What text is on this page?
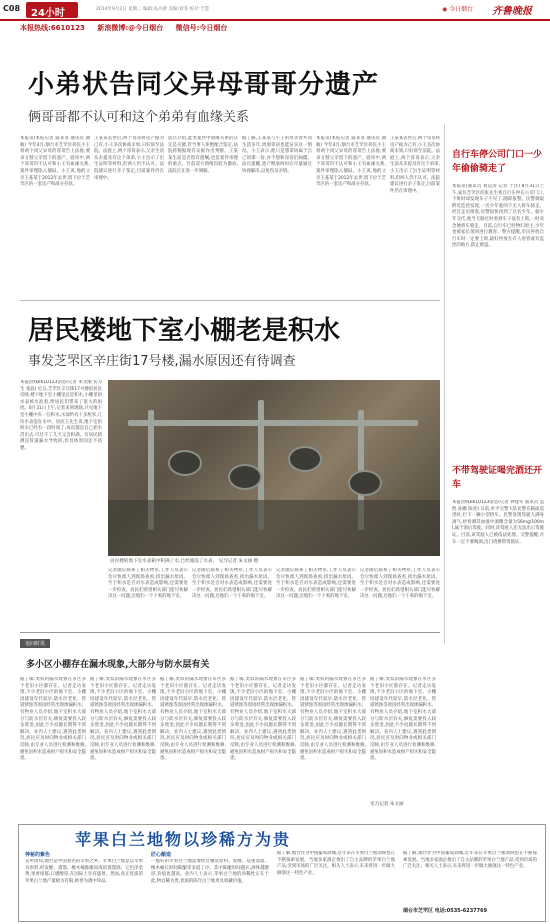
C08 24小时	2014年9月2日 星期二 编辑:高丹蕾 美编:刘菲 校对:于慧	◉ 今日烟台 齐鲁晚报
本报热线:6610123 新浪微博:@今日烟台 微信号:今日烟台
小弟状告同父异母哥哥分遗产
俩哥哥都不认可和这个弟弟有血缘关系
本报讯(本报记者 戚菲菲 通讯员 曲敏) 今年4月,烟台市芝罘区居民小王将两个同父异母的哥哥告上法庭,要求分割父亲留下的遗产。庭审中,两个哥哥均不认可和小王有血缘关系,案件审理陷入僵局。小王说,他的父亲王某某于2012年去世,留下位于芝罘区的一套房产和部分存款。
王某某去世后,两个哥哥将房产据为己有,小王多次协商未果,只好诉至法院。法庭上,两个哥哥表示,父亲生前从未提及有这个弟弟,小王出示了出生证明等材料,但两人仍不认可。法院建议进行亲子鉴定,目前案件仍在审理中。
法官介绍,此类案件中血缘关系的认定是关键,若当事人拒绝配合鉴定,法院将根据现有证据作出判断。王某某生前是否留有遗嘱,也是案件审理的重点。目前双方情绪均较为激动,法院正在进一步调解。
据了解,王某某与小王的母亲曾共同生活多年,周围邻居也能证实这一情况。小王表示,他只是想拿回属于自己的那一份,并不想和哥哥们闹僵。法官提醒,遗产继承纠纷应尽量通过协商解决,以免伤及亲情。
本报讯(本报记者 戚菲菲 通讯员 曲敏) 今年4月,烟台市芝罘区居民小王将两个同父异母的哥哥告上法庭,要求分割父亲留下的遗产。庭审中,两个哥哥均不认可和小王有血缘关系,案件审理陷入僵局。小王说,他的父亲王某某于2012年去世,留下位于芝罘区的一套房产和部分存款。
王某某去世后,两个哥哥将房产据为己有,小王多次协商未果,只好诉至法院。法庭上,两个哥哥表示,父亲生前从未提及有这个弟弟,小王出示了出生证明等材料,但两人仍不认可。法院建议进行亲子鉴定,目前案件仍在审理中。
自行车停公司门口一少年偷偷骑走了
本报讯(通讯员 刘运涛 记者 于洋) 8月31日上午,家住芝罘区的张先生将自行车停在公司门口,下班时却发现车子不见了,随即报警。民警调取附近监控发现,一名少年趁四下无人将车骑走。经过走访排查,民警很快找到了这名少年。据少年交代,他当天路过时看到车子没有上锁,一时贪念便将车骑走。目前,自行车已经物归原主,少年也被家长领回进行教育。警方提醒,市民停放自行车时一定要上锁,最好停放在有人看管或有监控的地方,防止被盗。
居民楼地下室小棚老是积水
事发芝罘区辛庄街17号楼,漏水原因还有待调查
本报热线6610123消息(记者 朱文丽 实习生 张骁) 近日,芝罘区辛庄街17号楼的居民反映,楼下地下室小棚里总是积水,小棚里的水表被水泡着,给居民们带来了很大的困扰。8月31日上午,记者来到现场,只见地下室小棚中有一汪积水,水深约有十多厘米,几块水表泡在水中。居民王先生说,地下室的积水已经有一段时间了,每次都是自己把水舀出去,可过不了几天又会积满。有居民猜测是管道漏水导致的,但具体原因还不清楚。
居民楼的地下室水表箱中积满了水,已经淹没了水表。 见习记者 朱文丽 摄
记者随后联系了相关物业,工作人员表示会尽快派人到现场查看,找出漏水原因。至于积水是否对水表造成影响,还需要进一步检查。居民们希望相关部门能尽快解决这一问题,还他们一个干爽的地下室。
记者随后联系了相关物业,工作人员表示会尽快派人到现场查看,找出漏水原因。至于积水是否对水表造成影响,还需要进一步检查。居民们希望相关部门能尽快解决这一问题,还他们一个干爽的地下室。
记者随后联系了相关物业,工作人员表示会尽快派人到现场查看,找出漏水原因。至于积水是否对水表造成影响,还需要进一步检查。居民们希望相关部门能尽快解决这一问题,还他们一个干爽的地下室。
记者随后联系了相关物业,工作人员表示会尽快派人到现场查看,找出漏水原因。至于积水是否对水表造成影响,还需要进一步检查。居民们希望相关部门能尽快解决这一问题,还他们一个干爽的地下室。
不带驾驶证喝完酒还开车
本报热线6610123消息(记者 钟建军 通讯员 孟凯 孙鹏 陈亮) 日前,牟平交警大队民警在路面巡逻时,拦下一辆小型轿车。民警发现驾驶人满身酒气,经检测其血液中酒精含量为56mg/100ml,属于酒后驾驶。同时,该驾驶人还无法出示驾驶证。目前,该驾驶人已被依法处理。交警提醒,开车一定不要喝酒,出门请携带驾驶证。
追问时讯
多小区小棚存在漏水现象,大部分与防水层有关
据了解,类似的漏水现象在市区多个老旧小区都存在。记者走访发现,不少老旧小区的地下室、小棚因建设年代较早,防水层老化、管道锈蚀等原因经常出现渗漏积水。有物业人员介绍,地下室积水大部分与防水层有关,修复需要投入较多资金,因此不少问题长期得不到解决。业内人士建议,遇到此类情况,居民应及时向物业或相关部门反映,由专业人员进行检测和维修,避免因积水造成财产损失和安全隐患。
据了解,类似的漏水现象在市区多个老旧小区都存在。记者走访发现,不少老旧小区的地下室、小棚因建设年代较早,防水层老化、管道锈蚀等原因经常出现渗漏积水。有物业人员介绍,地下室积水大部分与防水层有关,修复需要投入较多资金,因此不少问题长期得不到解决。业内人士建议,遇到此类情况,居民应及时向物业或相关部门反映,由专业人员进行检测和维修,避免因积水造成财产损失和安全隐患。
据了解,类似的漏水现象在市区多个老旧小区都存在。记者走访发现,不少老旧小区的地下室、小棚因建设年代较早,防水层老化、管道锈蚀等原因经常出现渗漏积水。有物业人员介绍,地下室积水大部分与防水层有关,修复需要投入较多资金,因此不少问题长期得不到解决。业内人士建议,遇到此类情况,居民应及时向物业或相关部门反映,由专业人员进行检测和维修,避免因积水造成财产损失和安全隐患。
据了解,类似的漏水现象在市区多个老旧小区都存在。记者走访发现,不少老旧小区的地下室、小棚因建设年代较早,防水层老化、管道锈蚀等原因经常出现渗漏积水。有物业人员介绍,地下室积水大部分与防水层有关,修复需要投入较多资金,因此不少问题长期得不到解决。业内人士建议,遇到此类情况,居民应及时向物业或相关部门反映,由专业人员进行检测和维修,避免因积水造成财产损失和安全隐患。
据了解,类似的漏水现象在市区多个老旧小区都存在。记者走访发现,不少老旧小区的地下室、小棚因建设年代较早,防水层老化、管道锈蚀等原因经常出现渗漏积水。有物业人员介绍,地下室积水大部分与防水层有关,修复需要投入较多资金,因此不少问题长期得不到解决。业内人士建议,遇到此类情况,居民应及时向物业或相关部门反映,由专业人员进行检测和维修,避免因积水造成财产损失和安全隐患。
据了解,类似的漏水现象在市区多个老旧小区都存在。记者走访发现,不少老旧小区的地下室、小棚因建设年代较早,防水层老化、管道锈蚀等原因经常出现渗漏积水。有物业人员介绍,地下室积水大部分与防水层有关,修复需要投入较多资金,因此不少问题长期得不到解决。业内人士建议,遇到此类情况,居民应及时向物业或相关部门反映,由专业人员进行检测和维修,避免因积水造成财产损失和安全隐患。
见习记者 朱文丽
苹果白兰地物以珍稀方为贵
神秘的紫色
众所周知,烟台是中国著名的苹果之乡。苹果白兰地是以苹果为原料,经发酵、蒸馏、橡木桶陈酿而成的蒸馏酒。它色泽金黄,果香浓郁,口感醇厚,在国际上享有盛誉。然而,真正优质的苹果白兰地产量极为有限,被誉为酒中珍品。
匠心酿造
一瓶好的苹果白兰地需要经过精选原料、发酵、双重蒸馏、橡木桶长时间陈酿等多道工序。其中陈酿时间越长,酒体越醇厚,价值也越高。业内人士表示,苹果白兰地的珍稀性正在于此,物以稀为贵,优质的陈年白兰地更具收藏价值。
据了解,烟台作为中国葡萄酒城,近年来在苹果白兰地领域也在不断探索发展。当地多家酒企推出了自主品牌的苹果白兰地产品,受到市场的广泛关注。相关人士表示,未来将进一步做大做强这一特色产业。
据了解,烟台作为中国葡萄酒城,近年来在苹果白兰地领域也在不断探索发展。当地多家酒企推出了自主品牌的苹果白兰地产品,受到市场的广泛关注。相关人士表示,未来将进一步做大做强这一特色产业。
烟台市芝罘区 电话:0535-6237769
